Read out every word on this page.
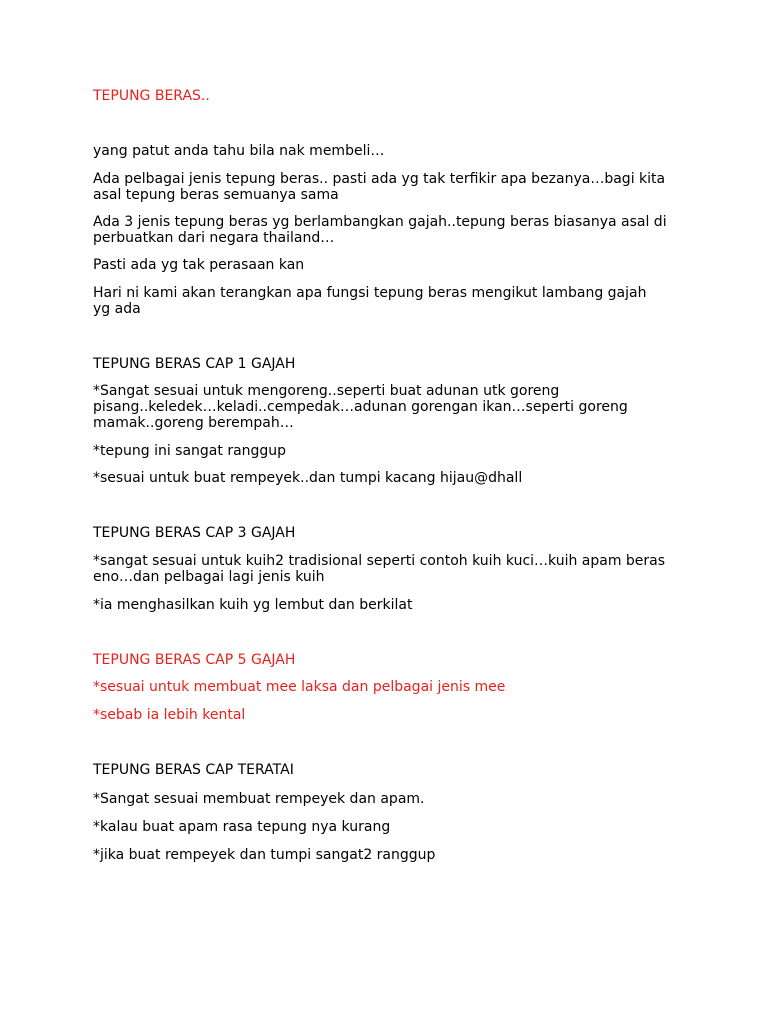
TEPUNG BERAS..

yang patut anda tahu bila nak membeli…

Ada pelbagai jenis tepung beras.. pasti ada yg tak terfikir apa bezanya…bagi kita

asal tepung beras semuanya sama

Ada 3 jenis tepung beras yg berlambangkan gajah..tepung beras biasanya asal di

perbuatkan dari negara thailand…

Pasti ada yg tak perasaan kan

Hari ni kami akan terangkan apa fungsi tepung beras mengikut lambang gajah

yg ada

TEPUNG BERAS CAP 1 GAJAH

*Sangat sesuai untuk mengoreng..seperti buat adunan utk goreng

pisang..keledek…keladi..cempedak…adunan gorengan ikan…seperti goreng

mamak..goreng berempah…

*tepung ini sangat ranggup

*sesuai untuk buat rempeyek..dan tumpi kacang hijau@dhall

TEPUNG BERAS CAP 3 GAJAH

*sangat sesuai untuk kuih2 tradisional seperti contoh kuih kuci…kuih apam beras

eno…dan pelbagai lagi jenis kuih

*ia menghasilkan kuih yg lembut dan berkilat

TEPUNG BERAS CAP 5 GAJAH

*sesuai untuk membuat mee laksa dan pelbagai jenis mee

*sebab ia lebih kental

TEPUNG BERAS CAP TERATAI

*Sangat sesuai membuat rempeyek dan apam.

*kalau buat apam rasa tepung nya kurang

*jika buat rempeyek dan tumpi sangat2 ranggup
